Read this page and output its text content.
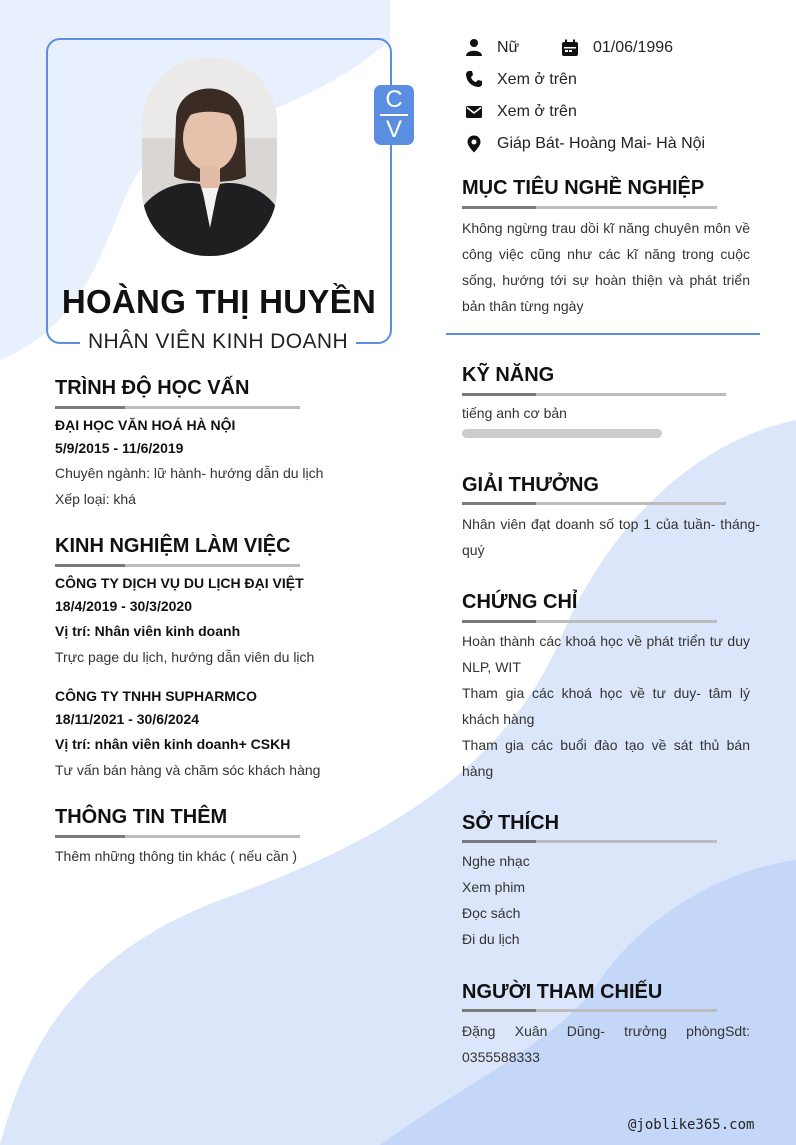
C
V
HOÀNG THỊ HUYỀN
NHÂN VIÊN KINH DOANH
Nữ	01/06/1996
Xem ở trên
Xem ở trên
Giáp Bát- Hoàng Mai- Hà Nội
MỤC TIÊU NGHỀ NGHIỆP
Không ngừng trau dồi kĩ năng chuyên môn về công việc cũng như các kĩ năng trong cuộc sống, hướng tới sự hoàn thiện và phát triển bản thân từng ngày
TRÌNH ĐỘ HỌC VẤN
ĐẠI HỌC VĂN HOÁ HÀ NỘI
5/9/2015 - 11/6/2019
Chuyên ngành: lữ hành- hướng dẫn du lịch
Xếp loại: khá
KINH NGHIỆM LÀM VIỆC
CÔNG TY DỊCH VỤ DU LỊCH ĐẠI VIỆT
18/4/2019 - 30/3/2020
Vị trí: Nhân viên kinh doanh
Trực page du lịch, hướng dẫn viên du lịch
CÔNG TY TNHH SUPHARMCO
18/11/2021 - 30/6/2024
Vị trí: nhân viên kinh doanh+ CSKH
Tư vấn bán hàng và chăm sóc khách hàng
THÔNG TIN THÊM
Thêm những thông tin khác ( nếu cần )
KỸ NĂNG
tiếng anh cơ bản
GIẢI THƯỞNG
Nhân viên đạt doanh số top 1 của tuần- tháng- quý
CHỨNG CHỈ
Hoàn thành các khoá học về phát triển tư duy NLP, WIT
Tham gia các khoá học về tư duy- tâm lý khách hàng
Tham gia các buổi đào tạo về sát thủ bán hàng
SỞ THÍCH
Nghe nhạc
Xem phim
Đọc sách
Đi du lịch
NGƯỜI THAM CHIẾU
Đặng Xuân Dũng- trưởng phòngSdt: 0355588333
@joblike365.com
